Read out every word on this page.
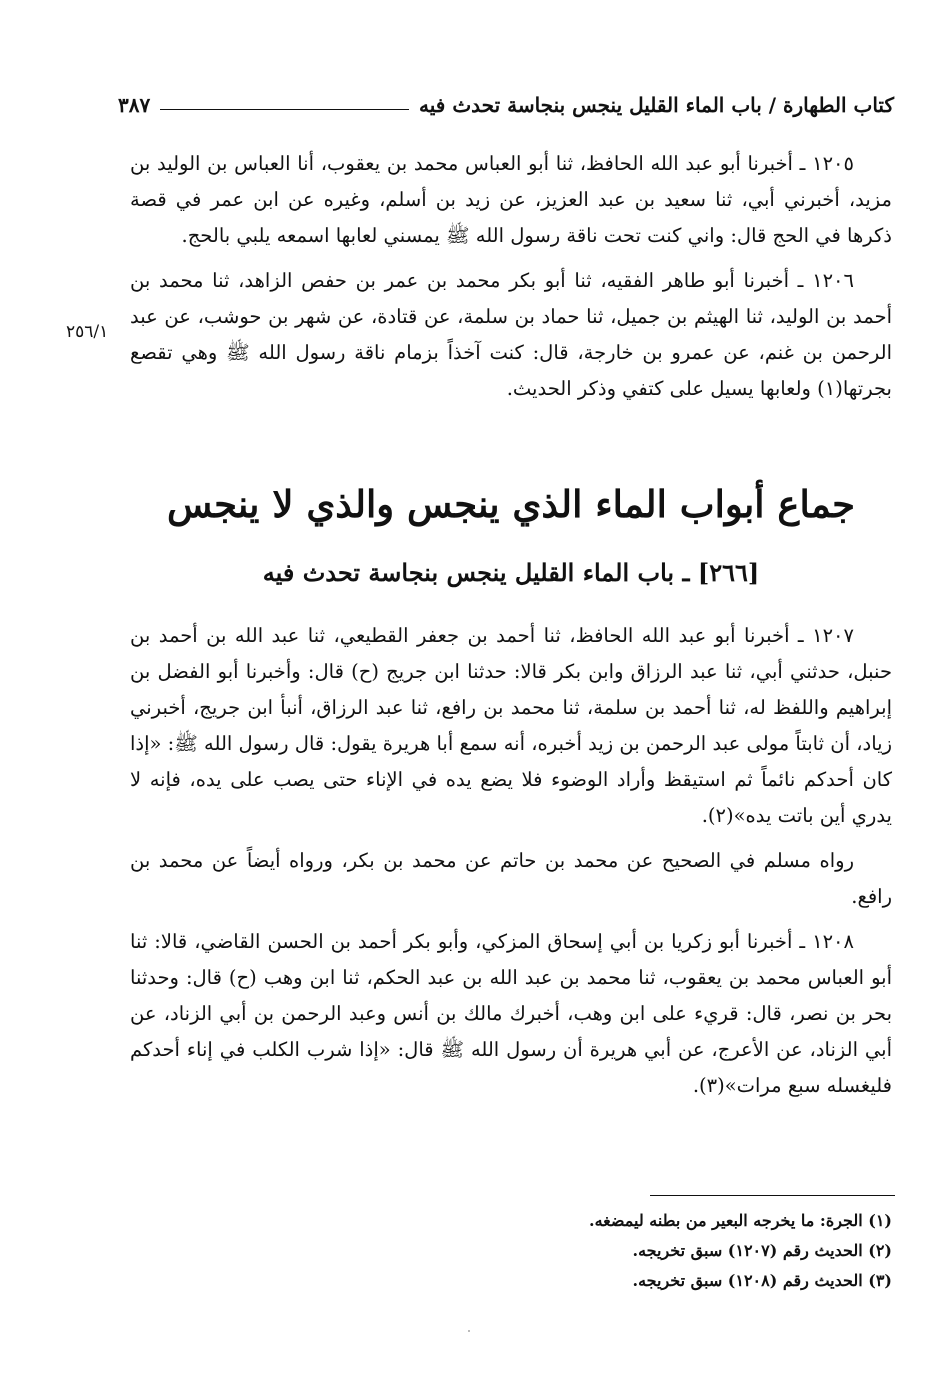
كتاب الطهارة / باب الماء القليل ينجس بنجاسة تحدث فيه
٣٨٧
٢٥٦/١

١٢٠٥ ـ أخبرنا أبو عبد الله الحافظ، ثنا أبو العباس محمد بن يعقوب، أنا العباس بن الوليد بن مزيد، أخبرني أبي، ثنا سعيد بن عبد العزيز، عن زيد بن أسلم، وغيره عن ابن عمر في قصة ذكرها في الحج قال: واني كنت تحت ناقة رسول الله ﷺ يمسني لعابها اسمعه يلبي بالحج.

١٢٠٦ ـ أخبرنا أبو طاهر الفقيه، ثنا أبو بكر محمد بن عمر بن حفص الزاهد، ثنا محمد بن أحمد بن الوليد، ثنا الهيثم بن جميل، ثنا حماد بن سلمة، عن قتادة، عن شهر بن حوشب، عن عبد الرحمن بن غنم، عن عمرو بن خارجة، قال: كنت آخذاً بزمام ناقة رسول الله ﷺ وهي تقصع بجرتها(١) ولعابها يسيل على كتفي وذكر الحديث.

جماع أبواب الماء الذي ينجس والذي لا ينجس
[٢٦٦] ـ باب الماء القليل ينجس بنجاسة تحدث فيه

١٢٠٧ ـ أخبرنا أبو عبد الله الحافظ، ثنا أحمد بن جعفر القطيعي، ثنا عبد الله بن أحمد بن حنبل، حدثني أبي، ثنا عبد الرزاق وابن بكر قالا: حدثنا ابن جريج (ح) قال: وأخبرنا أبو الفضل بن إبراهيم واللفظ له، ثنا أحمد بن سلمة، ثنا محمد بن رافع، ثنا عبد الرزاق، أنبأ ابن جريج، أخبرني زياد، أن ثابتاً مولى عبد الرحمن بن زيد أخبره، أنه سمع أبا هريرة يقول: قال رسول الله ﷺ: «إذا كان أحدكم نائماً ثم استيقظ وأراد الوضوء فلا يضع يده في الإناء حتى يصب على يده، فإنه لا يدري أين باتت يده»(٢).

رواه مسلم في الصحيح عن محمد بن حاتم عن محمد بن بكر، ورواه أيضاً عن محمد بن رافع.

١٢٠٨ ـ أخبرنا أبو زكريا بن أبي إسحاق المزكي، وأبو بكر أحمد بن الحسن القاضي، قالا: ثنا أبو العباس محمد بن يعقوب، ثنا محمد بن عبد الله بن عبد الحكم، ثنا ابن وهب (ح) قال: وحدثنا بحر بن نصر، قال: قريء على ابن وهب، أخبرك مالك بن أنس وعبد الرحمن بن أبي الزناد، عن أبي الزناد، عن الأعرج، عن أبي هريرة أن رسول الله ﷺ قال: «إذا شرب الكلب في إناء أحدكم فليغسله سبع مرات»(٣).

(١) الجرة: ما يخرجه البعير من بطنه ليمضغه.
(٢) الحديث رقم (١٢٠٧) سبق تخريجه.
(٣) الحديث رقم (١٢٠٨) سبق تخريجه.
